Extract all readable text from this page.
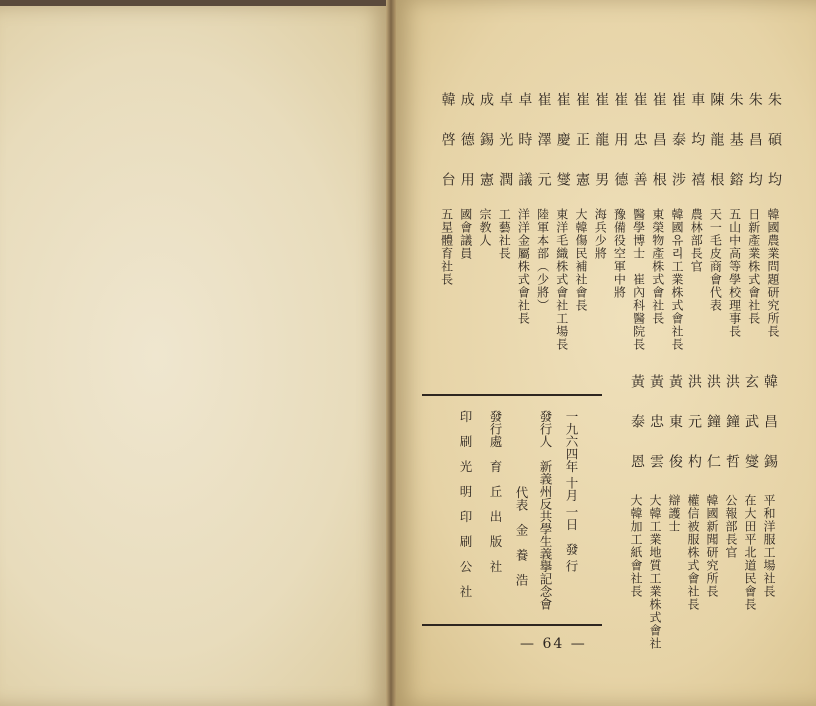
朱碩均
韓國農業問題研究所長
朱昌均
日新產業株式會社長
朱基鎔
五山中高等學校理事長
陳龍根
天一毛皮商會代表
車均禧
農林部長官
崔泰涉
韓國유리工業株式會社長
崔昌根
東榮物產株式會社長
崔忠善
醫學博士　崔內科醫院長
崔用德
豫備役空軍中將
崔龍男
海兵少將
崔正憲
大韓傷民補社會長
崔慶燮
東洋毛織株式會社工場長
崔澤元
陸軍本部（少將）
卓時議
洋洋金屬株式會社長
卓光潤
工藝社長
成錫憲
宗教人
成德用
國會議員
韓啓台
五星體育社長
韓昌錫
平和洋服工場社長
玄武燮
在大田平北道民會長
洪鐘哲
公報部長官
洪鐘仁
韓國新聞研究所長
洪元杓
權信被服株式會社長
黃東俊
辯護士
黃忠雲
大韓工業地質工業株式會社
黃泰恩
大韓加工紙會社長
一九六四年 十月 一日　發 行
發行人　新義州反共學生義擧記念會
代表　金　養　浩
發行處　育　丘　出　版　社
印　刷　光　明　印　刷　公　社
— 64 —
